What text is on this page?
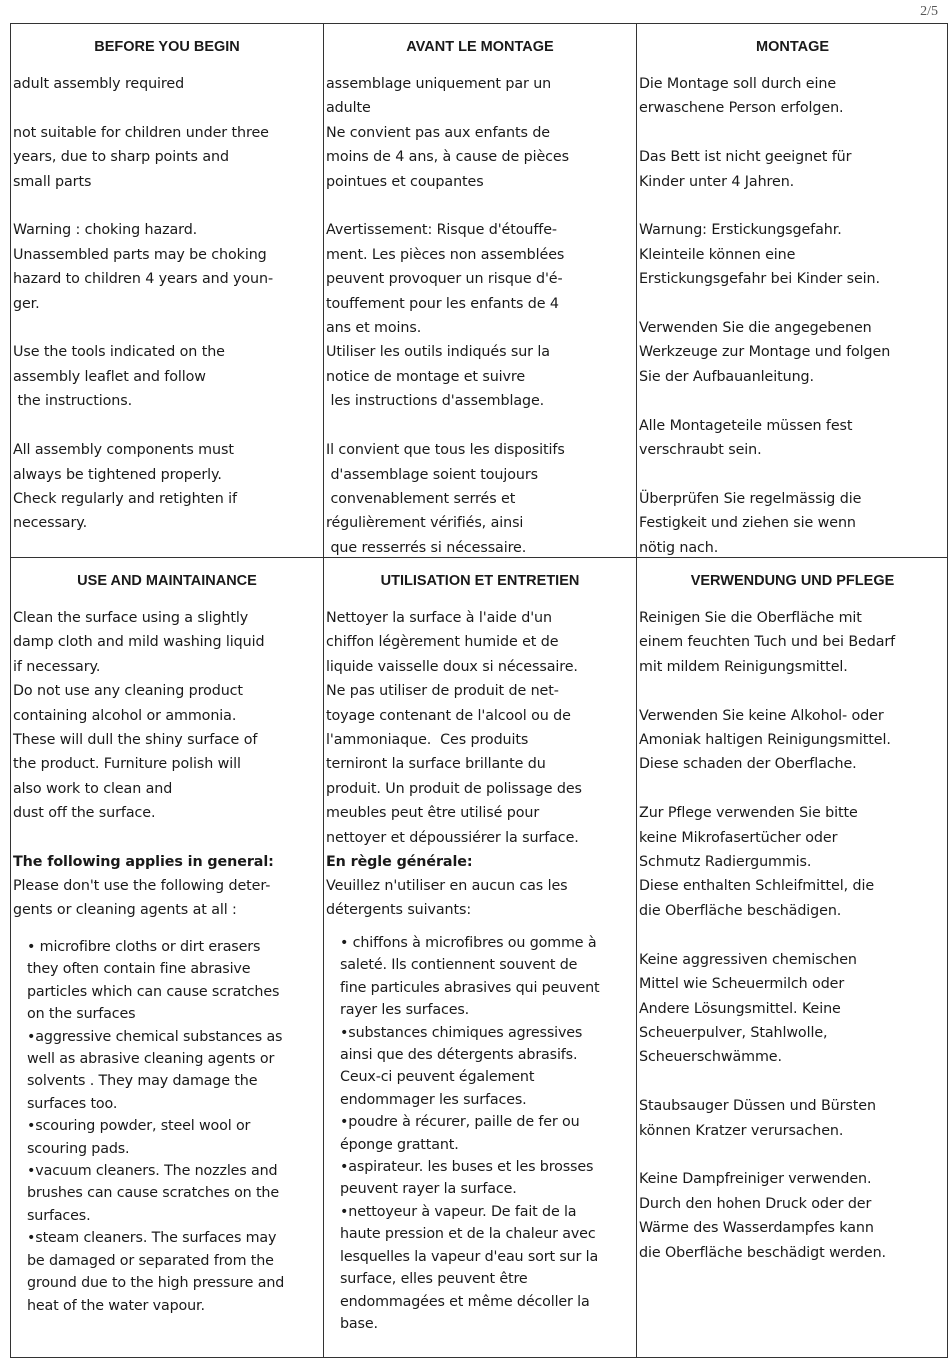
2/5
BEFORE YOU BEGIN
adult assembly required

not suitable for children under three
years, due to sharp points and
small parts

Warning : choking hazard.
Unassembled parts may be choking
hazard to children 4 years and youn-
ger.

Use the tools indicated on the
assembly leaflet and follow
the instructions.

All assembly components must
always be tightened properly.
Check regularly and retighten if
necessary.
AVANT LE MONTAGE
assemblage uniquement par un
adulte
Ne convient pas aux enfants de
moins de 4 ans, à cause de pièces
pointues et coupantes

Avertissement: Risque d'étouffe-
ment. Les pièces non assemblées
peuvent provoquer un risque d'é-
touffement pour les enfants de 4
ans et moins.
Utiliser les outils indiqués sur la
notice de montage et suivre
les instructions d'assemblage.

Il convient que tous les dispositifs
d'assemblage soient toujours
convenablement serrés et
régulièrement vérifiés, ainsi
que resserrés si nécessaire.
MONTAGE
Die Montage soll durch eine
erwaschene Person erfolgen.

Das Bett ist nicht geeignet für
Kinder unter 4 Jahren.

Warnung: Erstickungsgefahr.
Kleinteile können eine
Erstickungsgefahr bei Kinder sein.

Verwenden Sie die angegebenen
Werkzeuge zur Montage und folgen
Sie der Aufbauanleitung.

Alle Montageteile müssen fest
verschraubt sein.

Überprüfen Sie regelmässig die
Festigkeit und ziehen sie wenn
nötig nach.
USE AND MAINTAINANCE
Clean the surface using a slightly
damp cloth and mild washing liquid
if necessary.
Do not use any cleaning product
containing alcohol or ammonia.
These will dull the shiny surface of
the product. Furniture polish will
also work to clean and
dust off the surface.
The following applies in general:
Please don't use the following deter-
gents or cleaning agents at all :
• microfibre cloths or dirt erasers
they often contain fine abrasive
particles which can cause scratches
on the surfaces
•aggressive chemical substances as
well as abrasive cleaning agents or
solvents . They may damage the
surfaces too.
•scouring powder, steel wool or
scouring pads.
•vacuum cleaners. The nozzles and
brushes can cause scratches on the
surfaces.
•steam cleaners. The surfaces may
be damaged or separated from the
ground due to the high pressure and
heat of the water vapour.
UTILISATION ET ENTRETIEN
Nettoyer la surface à l'aide d'un
chiffon légèrement humide et de
liquide vaisselle doux si nécessaire.
Ne pas utiliser de produit de net-
toyage contenant de l'alcool ou de
l'ammoniaque.  Ces produits
terniront la surface brillante du
produit. Un produit de polissage des
meubles peut être utilisé pour
nettoyer et dépoussiérer la surface.
En règle générale:
Veuillez n'utiliser en aucun cas les
détergents suivants:
• chiffons à microfibres ou gomme à
saleté. Ils contiennent souvent de
fine particules abrasives qui peuvent
rayer les surfaces.
•substances chimiques agressives
ainsi que des détergents abrasifs.
Ceux-ci peuvent également
endommager les surfaces.
•poudre à récurer, paille de fer ou
éponge grattant.
•aspirateur. les buses et les brosses
peuvent rayer la surface.
•nettoyeur à vapeur. De fait de la
haute pression et de la chaleur avec
lesquelles la vapeur d'eau sort sur la
surface, elles peuvent être
endommagées et même décoller la
base.
VERWENDUNG UND PFLEGE
Reinigen Sie die Oberfläche mit
einem feuchten Tuch und bei Bedarf
mit mildem Reinigungsmittel.

Verwenden Sie keine Alkohol- oder
Amoniak haltigen Reinigungsmittel.
Diese schaden der Oberflache.

Zur Pflege verwenden Sie bitte
keine Mikrofasertücher oder
Schmutz Radiergummis.
Diese enthalten Schleifmittel, die
die Oberfläche beschädigen.

Keine aggressiven chemischen
Mittel wie Scheuermilch oder
Andere Lösungsmittel. Keine
Scheuerpulver, Stahlwolle,
Scheuerschwämme.

Staubsauger Düssen und Bürsten
können Kratzer verursachen.

Keine Dampfreiniger verwenden.
Durch den hohen Druck oder der
Wärme des Wasserdampfes kann
die Oberfläche beschädigt werden.
